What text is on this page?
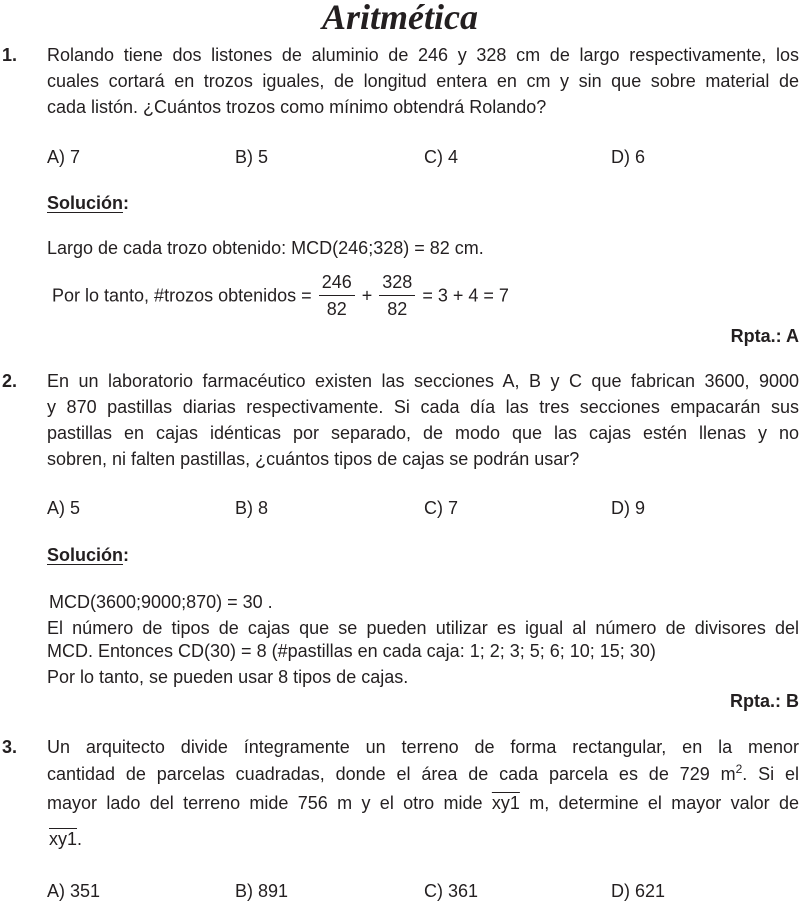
Aritmética
1. Rolando tiene dos listones de aluminio de 246 y 328 cm de largo respectivamente, los
cuales cortará en trozos iguales, de longitud entera en cm y sin que sobre material de
cada listón. ¿Cuántos trozos como mínimo obtendrá Rolando?
A) 7	B) 5	C) 4	D) 6
Solución:
Largo de cada trozo obtenido: MCD(246;328) = 82 cm.
Por lo tanto, #trozos obtenidos = $\frac{246}{82} + \frac{328}{82} = 3 + 4 = 7$
Rpta.: A
2. En un laboratorio farmacéutico existen las secciones A, B y C que fabrican 3600, 9000
y 870 pastillas diarias respectivamente. Si cada día las tres secciones empacarán sus
pastillas en cajas idénticas por separado, de modo que las cajas estén llenas y no
sobren, ni falten pastillas, ¿cuántos tipos de cajas se podrán usar?
A) 5	B) 8	C) 7	D) 9
Solución:
MCD(3600;9000;870) = 30 .
El número de tipos de cajas que se pueden utilizar es igual al número de divisores del
MCD. Entonces CD(30) = 8 (#pastillas en cada caja: 1; 2; 3; 5; 6; 10; 15; 30)
Por lo tanto, se pueden usar 8 tipos de cajas.
Rpta.: B
3. Un arquitecto divide íntegramente un terreno de forma rectangular, en la menor
cantidad de parcelas cuadradas, donde el área de cada parcela es de 729 $m^2$. Si el
mayor lado del terreno mide 756 m y el otro mide xy1 m, determine el mayor valor de
xy1.
A) 351	B) 891	C) 361	D) 621
